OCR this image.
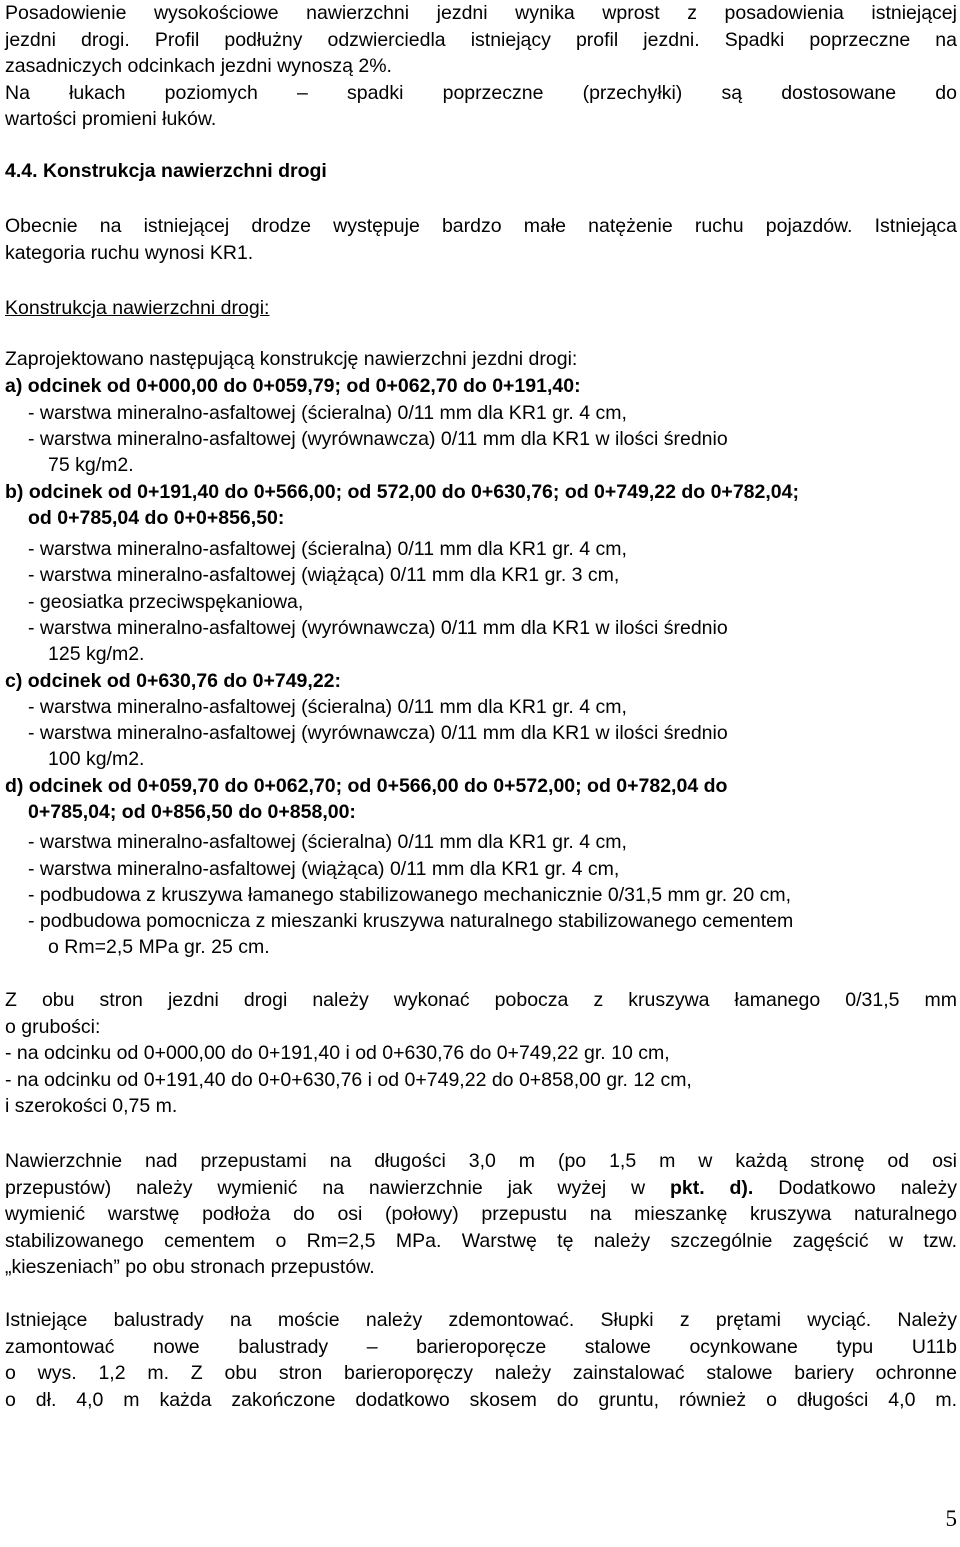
Posadowienie wysokościowe nawierzchni jezdni wynika wprost z posadowienia istniejącej
jezdni drogi. Profil podłużny odzwierciedla istniejący profil jezdni. Spadki poprzeczne na
zasadniczych odcinkach jezdni wynoszą 2%.
Na łukach poziomych – spadki poprzeczne (przechyłki) są dostosowane do
wartości promieni łuków.
4.4. Konstrukcja nawierzchni drogi
Obecnie na istniejącej drodze występuje bardzo małe natężenie ruchu pojazdów. Istniejąca
kategoria ruchu wynosi KR1.
Konstrukcja nawierzchni drogi:
Zaprojektowano następującą konstrukcję nawierzchni jezdni drogi:
a) odcinek od 0+000,00 do 0+059,79; od 0+062,70 do 0+191,40:
- warstwa mineralno-asfaltowej (ścieralna) 0/11 mm dla KR1 gr. 4 cm,
- warstwa mineralno-asfaltowej (wyrównawcza) 0/11 mm dla KR1 w ilości średnio
75 kg/m2.
b) odcinek od 0+191,40 do 0+566,00; od 572,00 do 0+630,76; od 0+749,22 do 0+782,04;
od 0+785,04 do 0+0+856,50:
- warstwa mineralno-asfaltowej (ścieralna) 0/11 mm dla KR1 gr. 4 cm,
- warstwa mineralno-asfaltowej (wiążąca) 0/11 mm dla KR1 gr. 3 cm,
- geosiatka przeciwspękaniowa,
- warstwa mineralno-asfaltowej (wyrównawcza) 0/11 mm dla KR1 w ilości średnio
125 kg/m2.
c) odcinek od 0+630,76 do 0+749,22:
- warstwa mineralno-asfaltowej (ścieralna) 0/11 mm dla KR1 gr. 4 cm,
- warstwa mineralno-asfaltowej (wyrównawcza) 0/11 mm dla KR1 w ilości średnio
100 kg/m2.
d) odcinek od 0+059,70 do 0+062,70; od 0+566,00 do 0+572,00; od 0+782,04 do
0+785,04; od 0+856,50 do 0+858,00:
- warstwa mineralno-asfaltowej (ścieralna) 0/11 mm dla KR1 gr. 4 cm,
- warstwa mineralno-asfaltowej (wiążąca) 0/11 mm dla KR1 gr. 4 cm,
- podbudowa z kruszywa łamanego stabilizowanego mechanicznie 0/31,5 mm gr. 20 cm,
- podbudowa pomocnicza z mieszanki kruszywa naturalnego stabilizowanego cementem
o Rm=2,5 MPa gr. 25 cm.
Z obu stron jezdni drogi należy wykonać pobocza z kruszywa łamanego 0/31,5 mm
o grubości:
- na odcinku od 0+000,00 do 0+191,40 i od 0+630,76 do 0+749,22 gr. 10 cm,
- na odcinku od 0+191,40 do 0+0+630,76 i od 0+749,22 do 0+858,00 gr. 12 cm,
i szerokości 0,75 m.
Nawierzchnie nad przepustami na długości 3,0 m (po 1,5 m w każdą stronę od osi
przepustów) należy wymienić na nawierzchnie jak wyżej w pkt. d). Dodatkowo należy
wymienić warstwę podłoża do osi (połowy) przepustu na mieszankę kruszywa naturalnego
stabilizowanego cementem o Rm=2,5 MPa. Warstwę tę należy szczególnie zagęścić w tzw.
„kieszeniach” po obu stronach przepustów.
Istniejące balustrady na moście należy zdemontować. Słupki z prętami wyciąć. Należy
zamontować nowe balustrady – barieroporęcze stalowe ocynkowane typu U11b
o wys. 1,2 m. Z obu stron barieroporęczy należy zainstalować stalowe bariery ochronne
o dł. 4,0 m każda zakończone dodatkowo skosem do gruntu, również o długości 4,0 m.
5
